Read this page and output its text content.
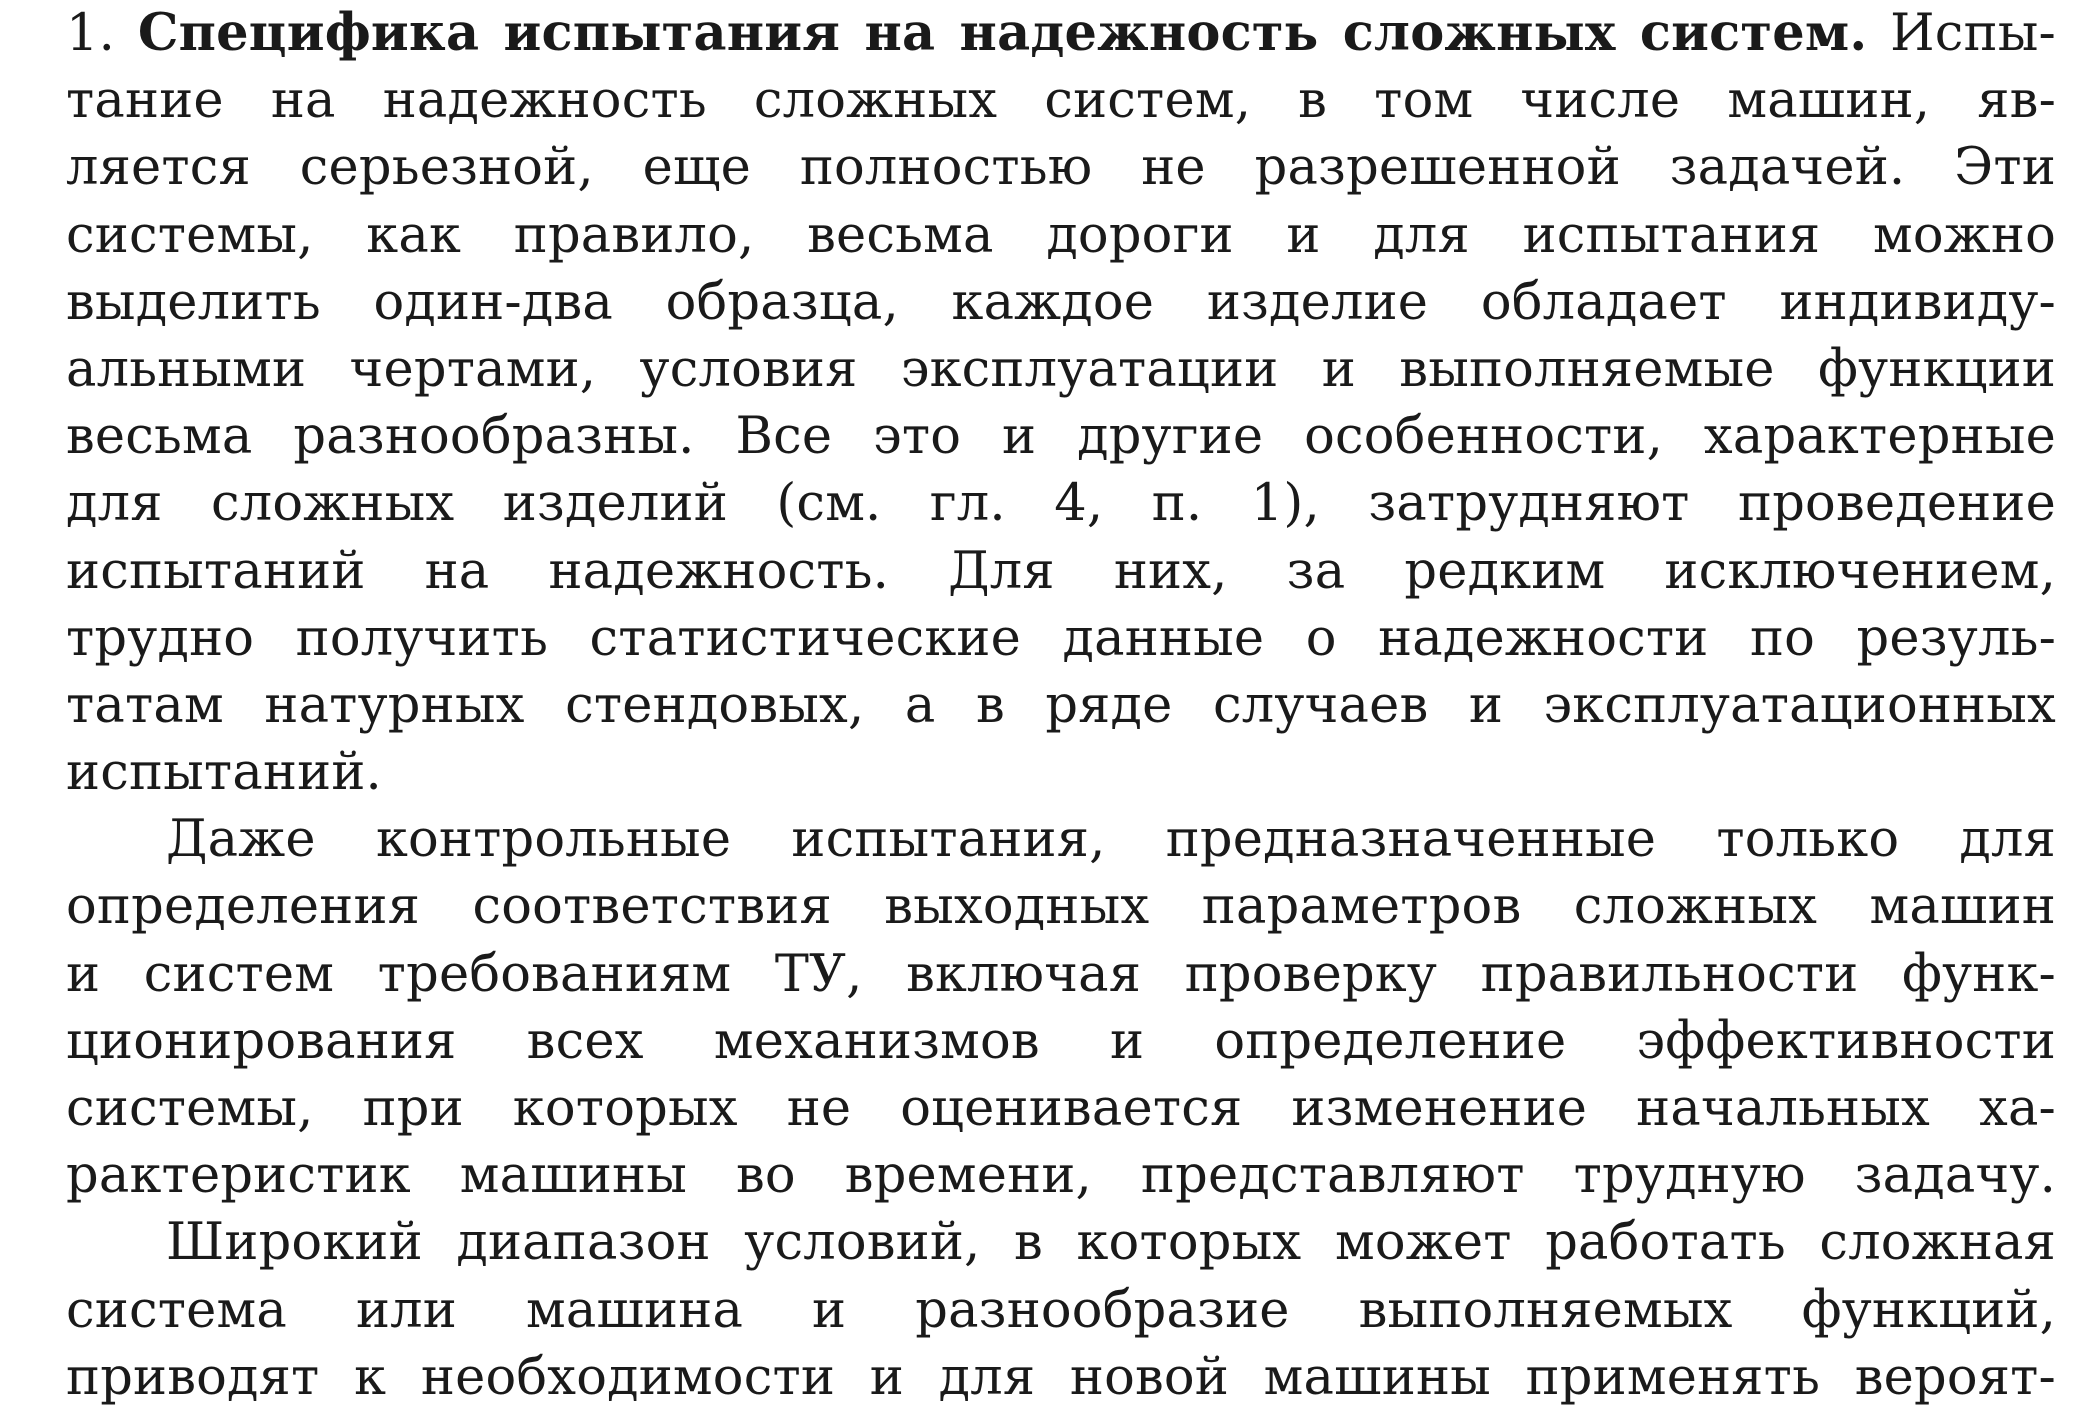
1. Специфика испытания на надежность сложных систем. Испы-
тание на надежность сложных систем, в том числе машин, яв-
ляется серьезной, еще полностью не разрешенной задачей. Эти
системы, как правило, весьма дороги и для испытания можно
выделить один-два образца, каждое изделие обладает индивиду-
альными чертами, условия эксплуатации и выполняемые функции
весьма разнообразны. Все это и другие особенности, характерные
для сложных изделий (см. гл. 4, п. 1), затрудняют проведение
испытаний на надежность. Для них, за редким исключением,
трудно получить статистические данные о надежности по резуль-
татам натурных стендовых, а в ряде случаев и эксплуатационных
испытаний.
Даже контрольные испытания, предназначенные только для
определения соответствия выходных параметров сложных машин
и систем требованиям ТУ, включая проверку правильности функ-
ционирования всех механизмов и определение эффективности
системы, при которых не оценивается изменение начальных ха-
рактеристик машины во времени, представляют трудную задачу.
Широкий диапазон условий, в которых может работать сложная
система или машина и разнообразие выполняемых функций,
приводят к необходимости и для новой машины применять вероят-
